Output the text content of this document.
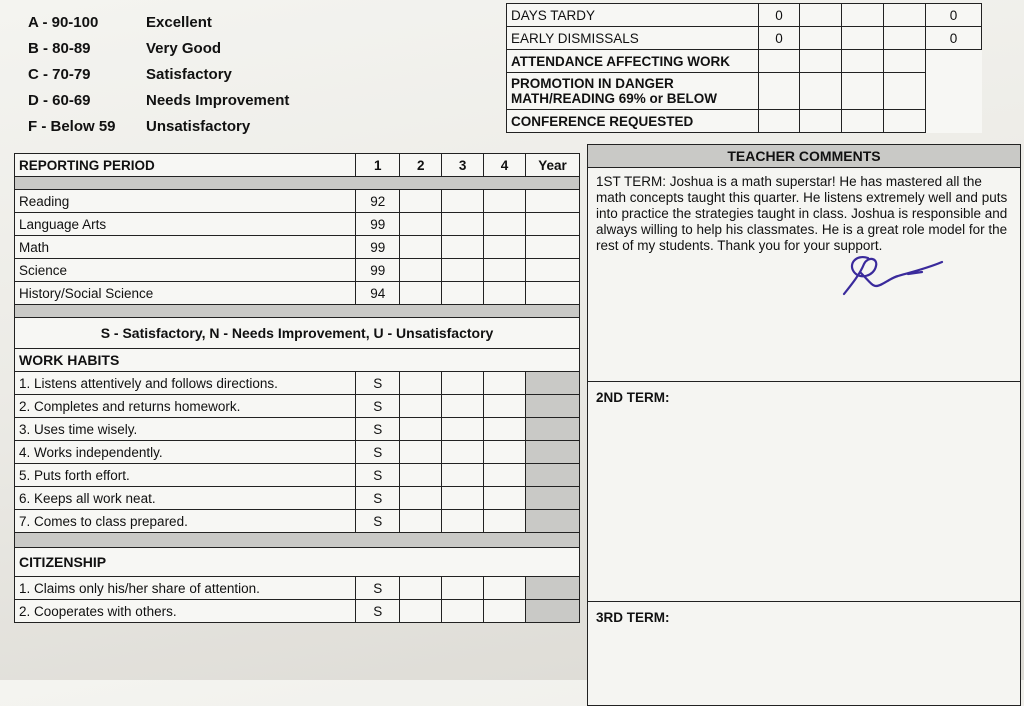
A - 90-100	Excellent
B - 80-89	Very Good
C - 70-79	Satisfactory
D - 60-69	Needs Improvement
F - Below 59 Unsatisfactory
DAYS TARDY	0				0
EARLY DISMISSALS	0				0
ATTENDANCE AFFECTING WORK					
PROMOTION IN DANGER
MATH/READING 69% or BELOW					
CONFERENCE REQUESTED					
REPORTING PERIOD	1	2	3	4	Year

Reading	92				
Language Arts	99				
Math	99				
Science	99				
History/Social Science	94				

S - Satisfactory, N - Needs Improvement, U - Unsatisfactory					
WORK HABITS					
1. Listens attentively and follows directions.	S				
2. Completes and returns homework.	S				
3. Uses time wisely.	S				
4. Works independently.	S				
5. Puts forth effort.	S				
6. Keeps all work neat.	S				
7. Comes to class prepared.	S				

CITIZENSHIP					
1. Claims only his/her share of attention.	S				
2. Cooperates with others.	S				
TEACHER COMMENTS
1ST TERM: Joshua is a math superstar! He has mastered all the math concepts taught this quarter. He listens extremely well and puts into practice the strategies taught in class. Joshua is responsible and always willing to help his classmates. He is a great role model for the rest of my students. Thank you for your support.
2ND TERM:
3RD TERM:
